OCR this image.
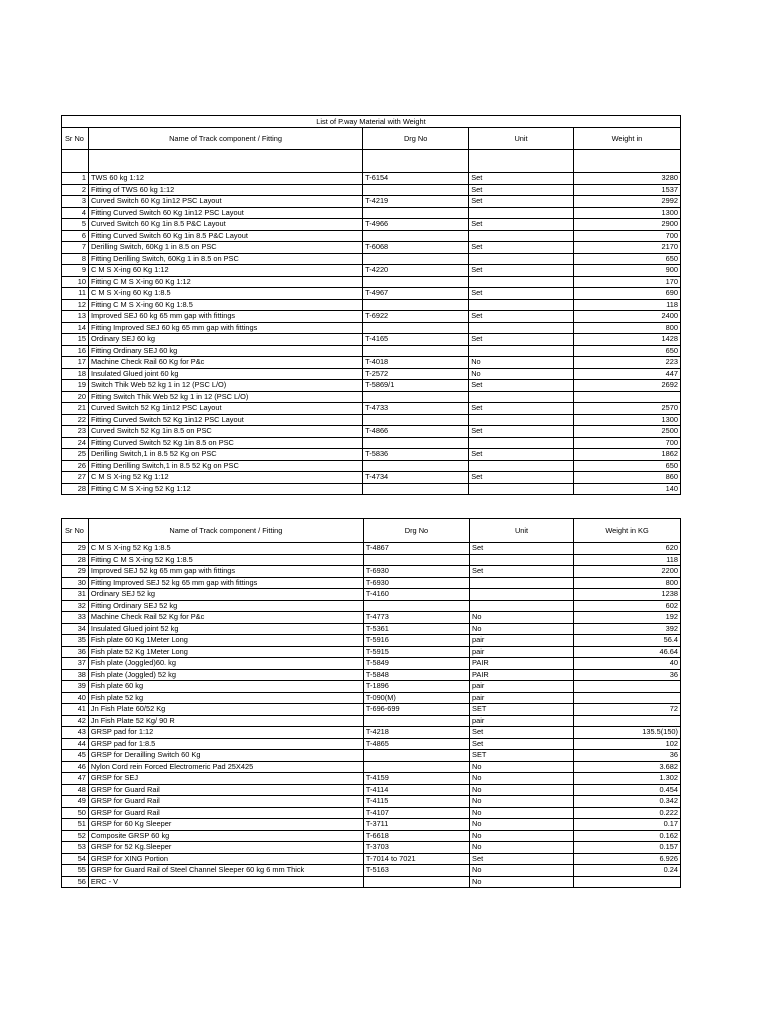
List of P.way Material with Weight				
Sr No	Name of Track component / Fitting	Drg No	Unit	Weight in

1	TWS 60 kg 1:12	T-6154	Set	3280
2	Fitting of TWS 60 kg 1:12		Set	1537
3	Curved Switch 60 Kg 1in12 PSC Layout	T-4219	Set	2992
4	Fitting Curved Switch 60 Kg 1in12 PSC Layout			1300
5	Curved Switch 60 Kg 1in 8.5 P&C Layout	T-4966	Set	2900
6	Fitting Curved Switch 60 Kg 1in 8.5 P&C Layout			700
7	Derilling Switch, 60Kg 1 in 8.5 on PSC	T-6068	Set	2170
8	Fitting Derilling Switch, 60Kg 1 in 8.5 on PSC			650
9	C M S X-ing 60 Kg 1:12	T-4220	Set	900
10	Fitting C M S X-ing 60 Kg 1:12			170
11	C M S X-ing 60 Kg 1:8.5	T-4967	Set	690
12	Fitting C M S X-ing 60 Kg 1:8.5			118
13	Improved SEJ 60 kg 65 mm gap with fittings	T-6922	Set	2400
14	Fitting Improved SEJ 60 kg 65 mm gap with fittings			800
15	Ordinary SEJ 60 kg	T-4165	Set	1428
16	Fitting Ordinary SEJ 60 kg			650
17	Machine Check Rail 60 Kg for P&c	T-4018	No	223
18	Insulated Glued joint 60 kg	T-2572	No	447
19	Switch Thik Web 52 kg 1 in 12 (PSC L/O)	T-5869/1	Set	2692
20	Fitting Switch Thik Web 52 kg 1 in 12 (PSC L/O)			
21	Curved Switch 52 Kg 1in12 PSC Layout	T-4733	Set	2570
22	Fitting Curved Switch 52 Kg 1in12 PSC Layout			1300
23	Curved Switch 52 Kg 1in 8.5 on PSC	T-4866	Set	2500
24	Fitting Curved Switch 52 Kg 1in 8.5 on PSC			700
25	Derilling Switch,1 in 8.5 52 Kg on PSC	T-5836	Set	1862
26	Fitting Derilling Switch,1 in 8.5 52 Kg on PSC			650
27	C M S X-ing 52 Kg 1:12	T-4734	Set	860
28	Fitting C M S X-ing 52 Kg 1:12			140
Sr No	Name of Track component / Fitting	Drg No	Unit	Weight in KG
29	C M S X-ing 52 Kg 1:8.5	T-4867	Set	620
28	Fitting C M S X-ing 52 Kg 1:8.5			118
29	Improved SEJ 52 kg 65 mm gap with fittings	T-6930	Set	2200
30	Fitting Improved SEJ 52 kg 65 mm gap with fittings	T-6930		800
31	Ordinary SEJ 52 kg	T-4160		1238
32	Fitting Ordinary SEJ 52 kg			602
33	Machine Check Rail 52 Kg for P&c	T-4773	No	192
34	Insulated Glued joint 52 kg	T-5361	No	392
35	Fish plate 60 Kg 1Meter Long	T-5916	pair	56.4
36	Fish plate 52 Kg 1Meter Long	T-5915	pair	46.64
37	Fish plate (Joggled)60. kg	T-5849	PAIR	40
38	Fish plate (Joggled) 52 kg	T-5848	PAIR	36
39	Fish plate 60 kg	T-1896	pair	
40	Fish plate 52 kg	T-090(M)	pair	
41	Jn Fish Plate 60/52 Kg	T-696-699	SET	72
42	Jn Fish Plate 52 Kg/ 90 R		pair	
43	GRSP pad for 1:12	T-4218	Set	135.5(150)
44	GRSP pad for 1:8.5	T-4865	Set	102
45	GRSP for Derailling Switch 60 Kg		SET	36
46	Nylon Cord rein Forced Electromeric Pad 25X425		No	3.682
47	GRSP for SEJ	T-4159	No	1.302
48	GRSP for Guard Rail	T-4114	No	0.454
49	GRSP for Guard Rail	T-4115	No	0.342
50	GRSP for Guard Rail	T-4107	No	0.222
51	GRSP for 60 Kg Sleeper	T-3711	No	0.17
52	Composite GRSP 60 kg	T-6618	No	0.162
53	GRSP for 52 Kg.Sleeper	T-3703	No	0.157
54	GRSP for XING Portion	T-7014 to 7021	Set	6.926
55	GRSP for Guard Rail of Steel Channel Sleeper 60 kg 6 mm Thick	T-5163	No	0.24
56	ERC - V		No	
